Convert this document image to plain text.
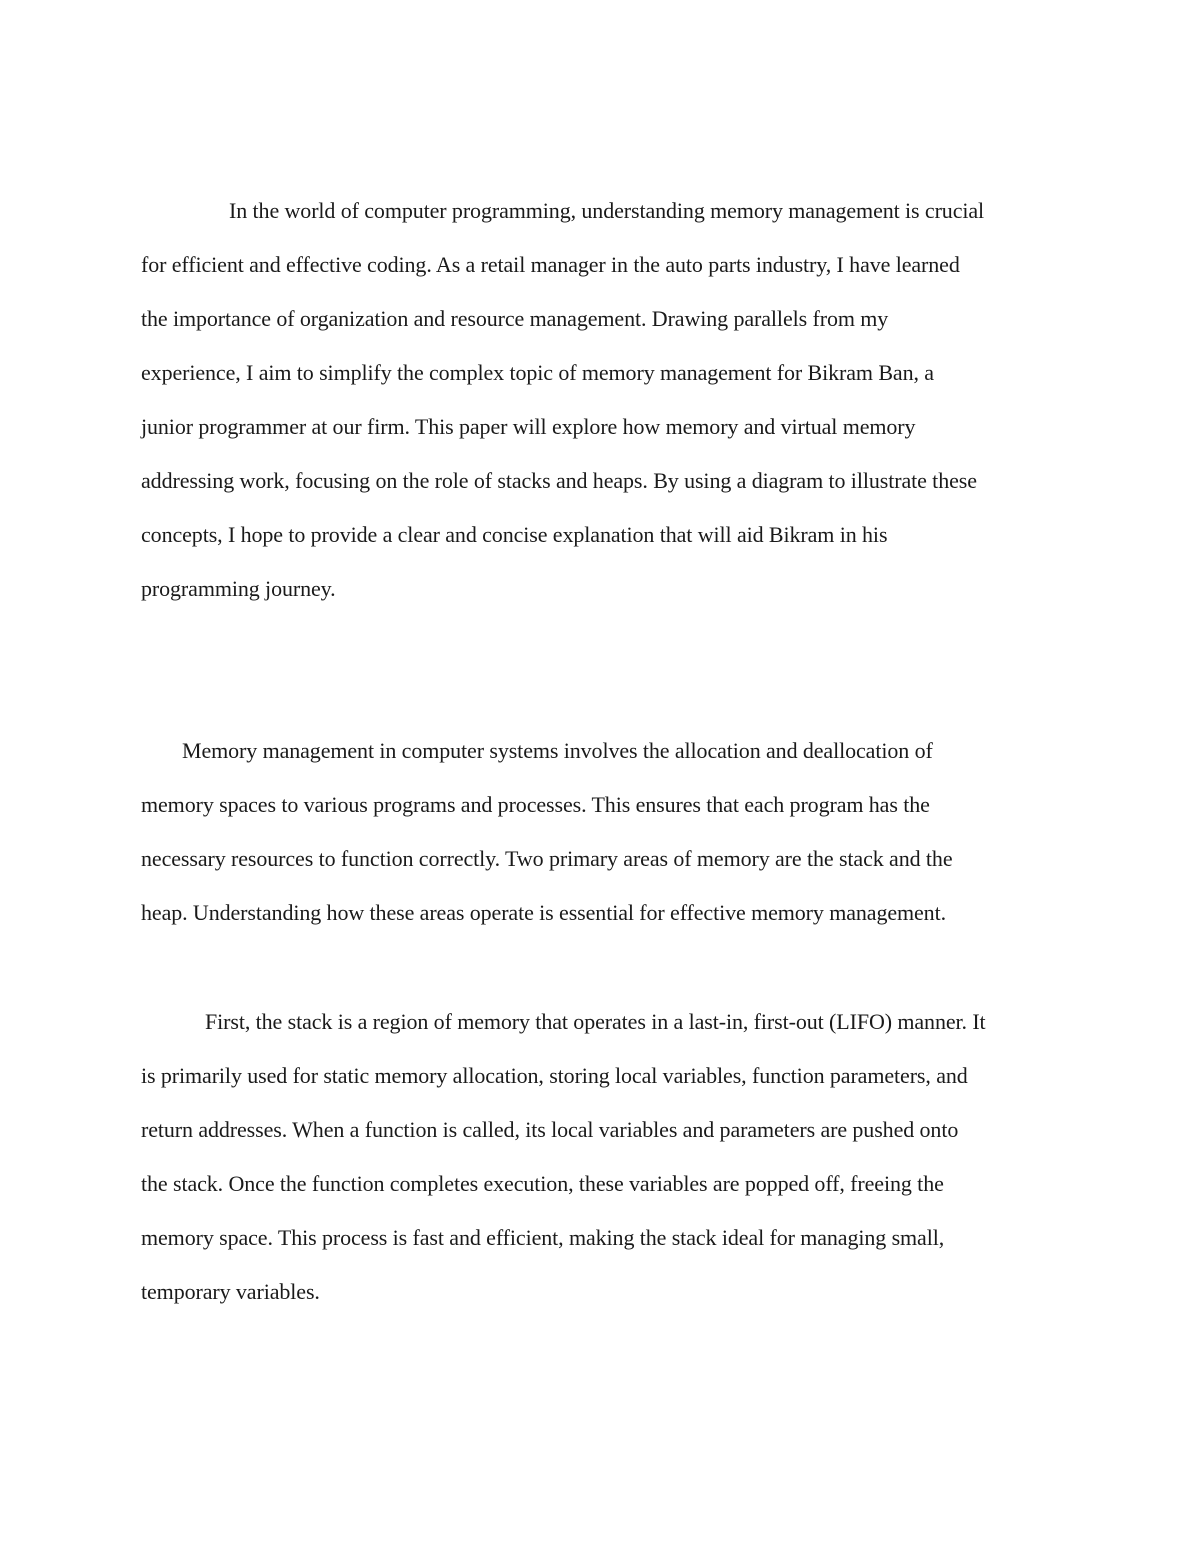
In the world of computer programming, understanding memory management is crucial

for efficient and effective coding. As a retail manager in the auto parts industry, I have learned

the importance of organization and resource management. Drawing parallels from my

experience, I aim to simplify the complex topic of memory management for Bikram Ban, a

junior programmer at our firm. This paper will explore how memory and virtual memory

addressing work, focusing on the role of stacks and heaps. By using a diagram to illustrate these

concepts, I hope to provide a clear and concise explanation that will aid Bikram in his

programming journey.

Memory management in computer systems involves the allocation and deallocation of

memory spaces to various programs and processes. This ensures that each program has the

necessary resources to function correctly. Two primary areas of memory are the stack and the

heap. Understanding how these areas operate is essential for effective memory management.

First, the stack is a region of memory that operates in a last-in, first-out (LIFO) manner. It

is primarily used for static memory allocation, storing local variables, function parameters, and

return addresses. When a function is called, its local variables and parameters are pushed onto

the stack. Once the function completes execution, these variables are popped off, freeing the

memory space. This process is fast and efficient, making the stack ideal for managing small,

temporary variables.
